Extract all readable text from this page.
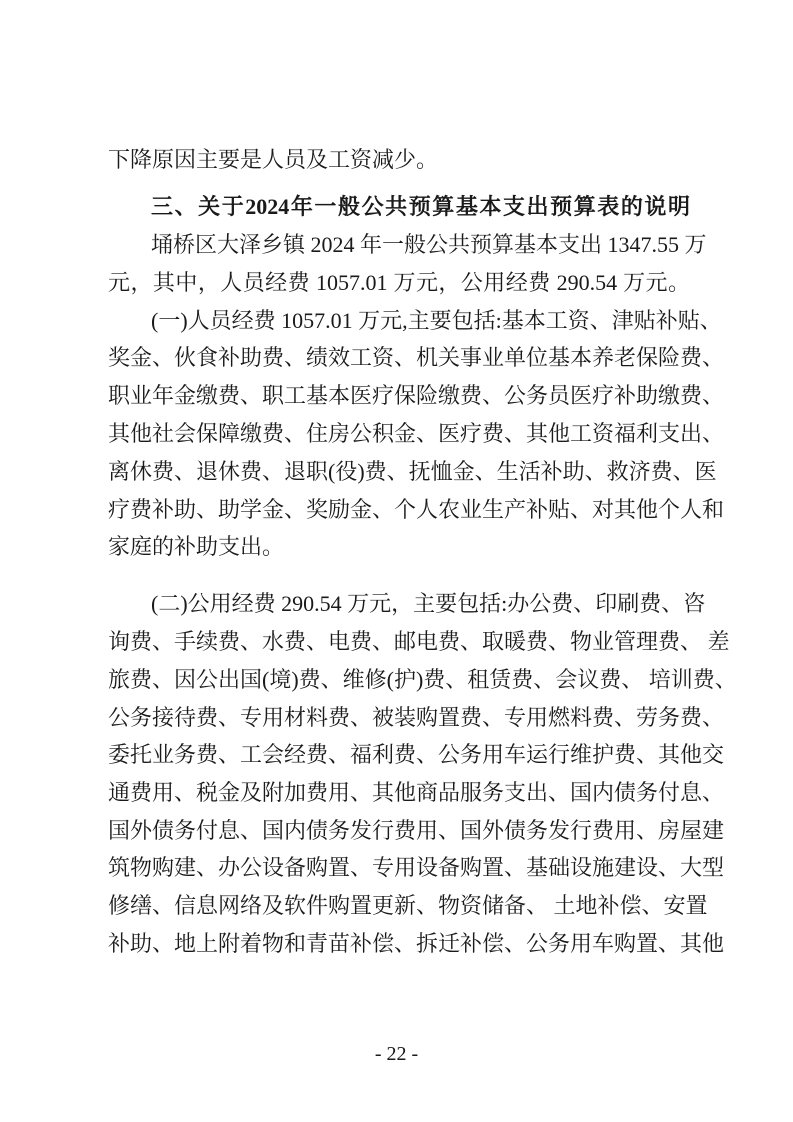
下降原因主要是人员及工资减少。
三、关于2024年一般公共预算基本支出预算表的说明
埇桥区大泽乡镇 2024 年一般公共预算基本支出 1347.55 万
元，其中，人员经费 1057.01 万元，公用经费 290.54 万元。
(一)人员经费 1057.01 万元,主要包括:基本工资、津贴补贴、
奖金、伙食补助费、绩效工资、机关事业单位基本养老保险费、
职业年金缴费、职工基本医疗保险缴费、公务员医疗补助缴费、
其他社会保障缴费、住房公积金、医疗费、其他工资福利支出、
离休费、退休费、退职(役)费、抚恤金、生活补助、救济费、医
疗费补助、助学金、奖励金、个人农业生产补贴、对其他个人和
家庭的补助支出。
(二)公用经费 290.54 万元，主要包括:办公费、印刷费、咨
询费、手续费、水费、电费、邮电费、取暖费、物业管理费、 差
旅费、因公出国(境)费、维修(护)费、租赁费、会议费、 培训费、
公务接待费、专用材料费、被装购置费、专用燃料费、劳务费、
委托业务费、工会经费、福利费、公务用车运行维护费、其他交
通费用、税金及附加费用、其他商品服务支出、国内债务付息、
国外债务付息、国内债务发行费用、国外债务发行费用、房屋建
筑物购建、办公设备购置、专用设备购置、基础设施建设、大型
修缮、信息网络及软件购置更新、物资储备、 土地补偿、安置
补助、地上附着物和青苗补偿、拆迁补偿、公务用车购置、其他
- 22 -
